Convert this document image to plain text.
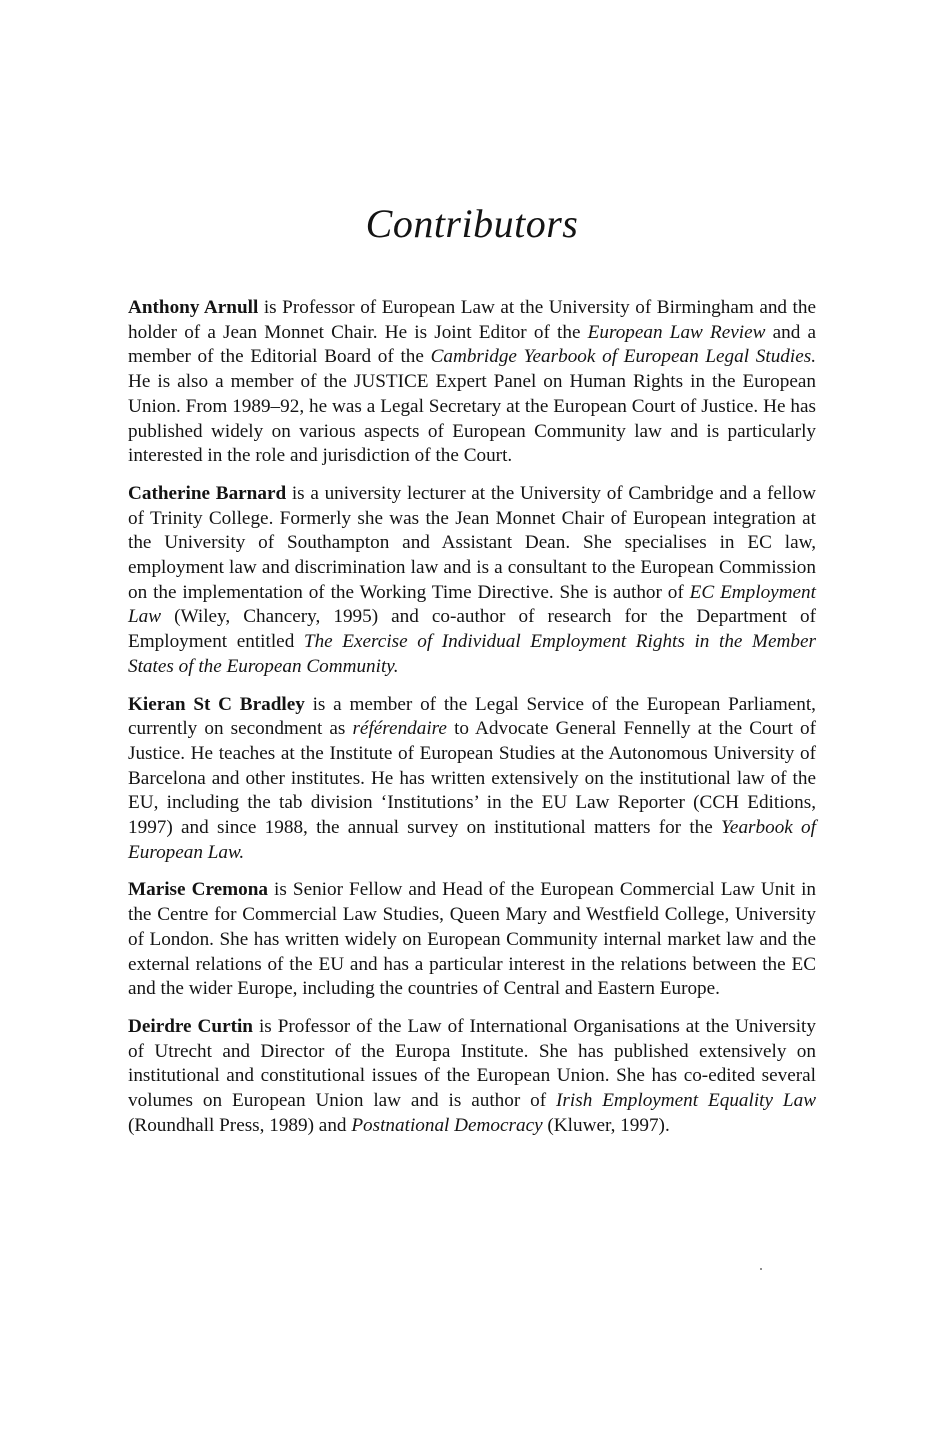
Contributors

Anthony Arnull is Professor of European Law at the University of Birmingham and the holder of a Jean Monnet Chair. He is Joint Editor of the European Law Review and a member of the Editorial Board of the Cambridge Yearbook of European Legal Studies. He is also a member of the JUSTICE Expert Panel on Human Rights in the European Union. From 1989–92, he was a Legal Secretary at the European Court of Justice. He has published widely on various aspects of European Community law and is particularly interested in the role and jurisdiction of the Court.

Catherine Barnard is a university lecturer at the University of Cambridge and a fellow of Trinity College. Formerly she was the Jean Monnet Chair of European integration at the University of Southampton and Assistant Dean. She specialises in EC law, employment law and discrimination law and is a consultant to the European Commission on the implementation of the Working Time Directive. She is author of EC Employment Law (Wiley, Chancery, 1995) and co-author of research for the Department of Employment entitled The Exercise of Individual Employment Rights in the Member States of the European Community.

Kieran St C Bradley is a member of the Legal Service of the European Parliament, currently on secondment as référendaire to Advocate General Fennelly at the Court of Justice. He teaches at the Institute of European Studies at the Autonomous University of Barcelona and other institutes. He has written extensively on the institutional law of the EU, including the tab division ‘Institutions’ in the EU Law Reporter (CCH Editions, 1997) and since 1988, the annual survey on institutional matters for the Yearbook of European Law.

Marise Cremona is Senior Fellow and Head of the European Commercial Law Unit in the Centre for Commercial Law Studies, Queen Mary and Westfield College, University of London. She has written widely on European Community internal market law and the external relations of the EU and has a particular interest in the relations between the EC and the wider Europe, including the countries of Central and Eastern Europe.

Deirdre Curtin is Professor of the Law of International Organisations at the University of Utrecht and Director of the Europa Institute. She has published extensively on institutional and constitutional issues of the European Union. She has co-edited several volumes on European Union law and is author of Irish Employment Equality Law (Roundhall Press, 1989) and Postnational Democracy (Kluwer, 1997).
